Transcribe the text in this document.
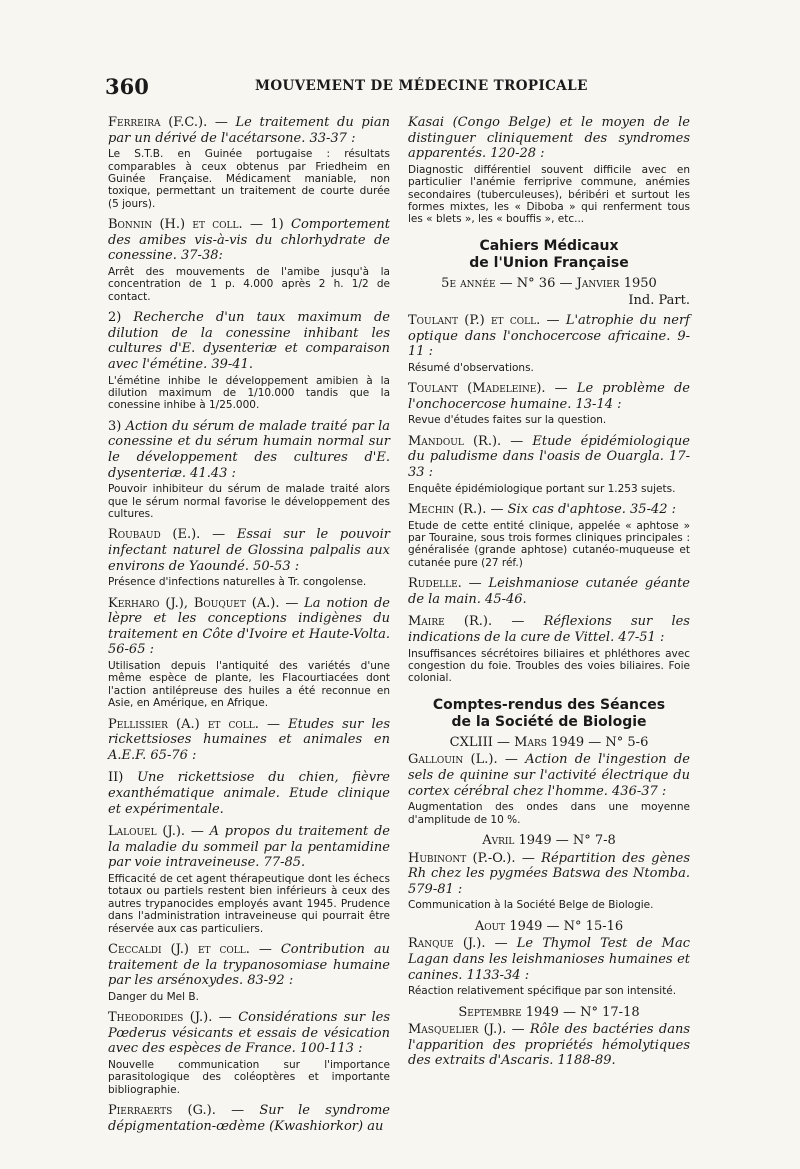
360	MOUVEMENT DE MÉDECINE TROPICALE
Ferreira (F.C.). — Le traitement du pian par un dérivé de l'acétarsone. 33-37 :
Le S.T.B. en Guinée portugaise : résultats comparables à ceux obtenus par Friedheim en Guinée Française. Médicament maniable, non toxique, permettant un traitement de courte durée (5 jours).
Bonnin (H.) et coll. — 1) Comportement des amibes vis-à-vis du chlorhydrate de conessine. 37-38:
Arrêt des mouvements de l'amibe jusqu'à la concentration de 1 p. 4.000 après 2 h. 1/2 de contact.
2) Recherche d'un taux maximum de dilution de la conessine inhibant les cultures d'E. dysenteriæ et comparaison avec l'émétine. 39-41.
L'émétine inhibe le développement amibien à la dilution maximum de 1/10.000 tandis que la conessine inhibe à 1/25.000.
3) Action du sérum de malade traité par la conessine et du sérum humain normal sur le développement des cultures d'E. dysenteriæ. 41.43 :
Pouvoir inhibiteur du sérum de malade traité alors que le sérum normal favorise le développement des cultures.
Roubaud (E.). — Essai sur le pouvoir infectant naturel de Glossina palpalis aux environs de Yaoundé. 50-53 :
Présence d'infections naturelles à Tr. congolense.
Kerharo (J.), Bouquet (A.). — La notion de lèpre et les conceptions indigènes du traitement en Côte d'Ivoire et Haute-Volta. 56-65 :
Utilisation depuis l'antiquité des variétés d'une même espèce de plante, les Flacourtiacées dont l'action antilépreuse des huiles a été reconnue en Asie, en Amérique, en Afrique.
Pellissier (A.) et coll. — Etudes sur les rickettsioses humaines et animales en A.E.F. 65-76 :
II) Une rickettsiose du chien, fièvre exanthématique animale. Etude clinique et expérimentale.
Lalouel (J.). — A propos du traitement de la maladie du sommeil par la pentamidine par voie intraveineuse. 77-85.
Efficacité de cet agent thérapeutique dont les échecs totaux ou partiels restent bien inférieurs à ceux des autres trypanocides employés avant 1945. Prudence dans l'administration intraveineuse qui pourrait être réservée aux cas particuliers.
Ceccaldi (J.) et coll. — Contribution au traitement de la trypanosomiase humaine par les arsénoxydes. 83-92 :
Danger du Mel B.
Theodorides (J.). — Considérations sur les Pœderus vésicants et essais de vésication avec des espèces de France. 100-113 :
Nouvelle communication sur l'importance parasitologique des coléoptères et importante bibliographie.
Pierraerts (G.). — Sur le syndrome dépigmentation-œdème (Kwashiorkor) au
Kasai (Congo Belge) et le moyen de le distinguer cliniquement des syndromes apparentés. 120-28 :
Diagnostic différentiel souvent difficile avec en particulier l'anémie ferriprive commune, anémies secondaires (tuberculeuses), béribéri et surtout les formes mixtes, les « Diboba » qui renferment tous les « blets », les « bouffis », etc...
Cahiers Médicaux
de l'Union Française
5e année — N° 36 — Janvier 1950
Ind. Part.
Toulant (P.) et coll. — L'atrophie du nerf optique dans l'onchocercose africaine. 9-11 :
Résumé d'observations.
Toulant (Madeleine). — Le problème de l'onchocercose humaine. 13-14 :
Revue d'études faites sur la question.
Mandoul (R.). — Etude épidémiologique du paludisme dans l'oasis de Ouargla. 17-33 :
Enquête épidémiologique portant sur 1.253 sujets.
Mechin (R.). — Six cas d'aphtose. 35-42 :
Etude de cette entité clinique, appelée « aphtose » par Touraine, sous trois formes cliniques principales : généralisée (grande aphtose) cutanéo-muqueuse et cutanée pure (27 réf.)
Rudelle. — Leishmaniose cutanée géante de la main. 45-46.
Maire (R.). — Réflexions sur les indications de la cure de Vittel. 47-51 :
Insuffisances sécrétoires biliaires et phléthores avec congestion du foie. Troubles des voies biliaires. Foie colonial.
Comptes-rendus des Séances
de la Société de Biologie
CXLIII — Mars 1949 — N° 5-6
Gallouin (L.). — Action de l'ingestion de sels de quinine sur l'activité électrique du cortex cérébral chez l'homme. 436-37 :
Augmentation des ondes dans une moyenne d'amplitude de 10 %.
Avril 1949 — N° 7-8
Hubinont (P.-O.). — Répartition des gènes Rh chez les pygmées Batswa des Ntomba. 579-81 :
Communication à la Société Belge de Biologie.
Aout 1949 — N° 15-16
Ranque (J.). — Le Thymol Test de Mac Lagan dans les leishmanioses humaines et canines. 1133-34 :
Réaction relativement spécifique par son intensité.
Septembre 1949 — N° 17-18
Masquelier (J.). — Rôle des bactéries dans l'apparition des propriétés hémolytiques des extraits d'Ascaris. 1188-89.
